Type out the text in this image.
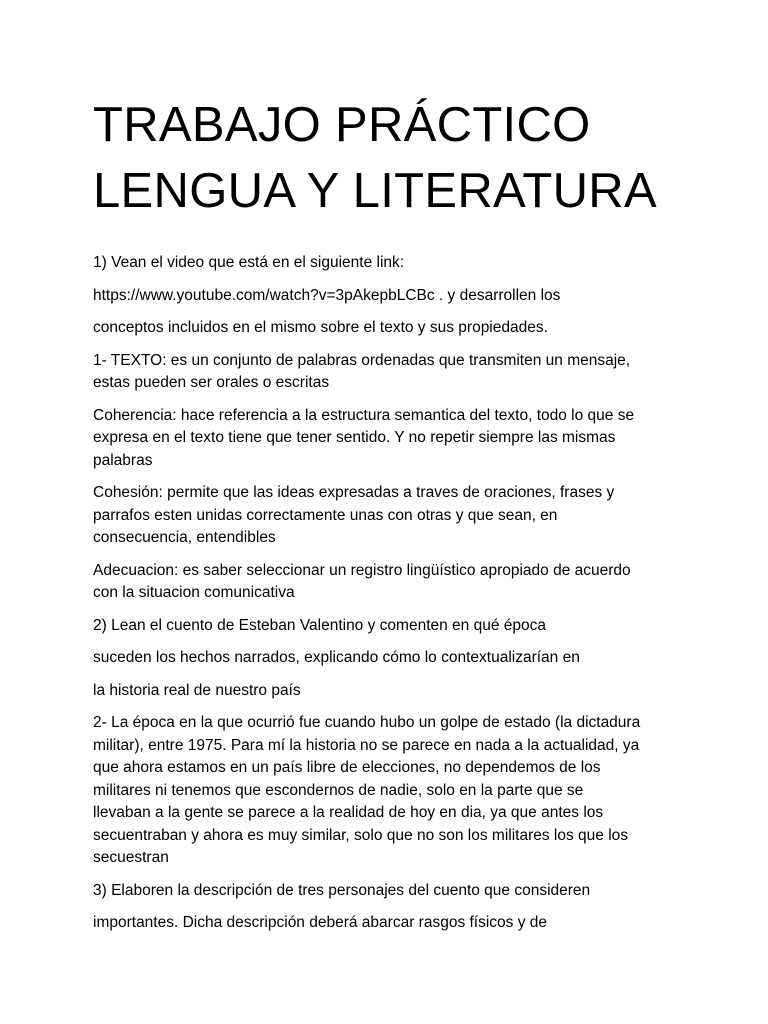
TRABAJO PRÁCTICO
LENGUA Y LITERATURA

1) Vean el video que está en el siguiente link:

https://www.youtube.com/watch?v=3pAkepbLCBc . y desarrollen los

conceptos incluidos en el mismo sobre el texto y sus propiedades.

1- TEXTO: es un conjunto de palabras ordenadas que transmiten un mensaje,
estas pueden ser orales o escritas

Coherencia: hace referencia a la estructura semantica del texto, todo lo que se
expresa en el texto tiene que tener sentido. Y no repetir siempre las mismas
palabras

Cohesión: permite que las ideas expresadas a traves de oraciones, frases y
parrafos esten unidas correctamente unas con otras y que sean, en
consecuencia, entendibles

Adecuacion: es saber seleccionar un registro lingüístico apropiado de acuerdo
con la situacion comunicativa

2) Lean el cuento de Esteban Valentino y comenten en qué época

suceden los hechos narrados, explicando cómo lo contextualizarían en

la historia real de nuestro país

2- La época en la que ocurrió fue cuando hubo un golpe de estado (la dictadura
militar), entre 1975. Para mí la historia no se parece en nada a la actualidad, ya
que ahora estamos en un país libre de elecciones, no dependemos de los
militares ni tenemos que escondernos de nadie, solo en la parte que se
llevaban a la gente se parece a la realidad de hoy en dia, ya que antes los
secuentraban y ahora es muy similar, solo que no son los militares los que los
secuestran

3) Elaboren la descripción de tres personajes del cuento que consideren

importantes. Dicha descripción deberá abarcar rasgos físicos y de
